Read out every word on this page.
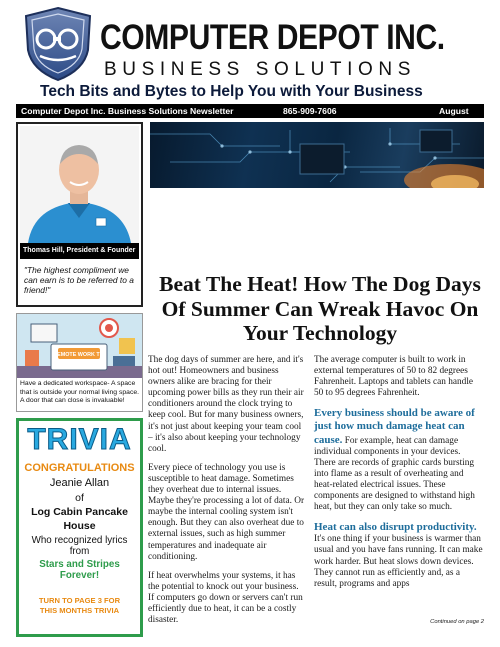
COMPUTER DEPOT INC.
BUSINESS SOLUTIONS
Tech Bits and Bytes to Help You with Your Business
Computer Depot Inc. Business Solutions Newsletter	865-909-7606	August
Thomas Hill, President & Founder
"The highest compliment we can earn is to be referred to a friend!"
REMOTE WORK TIP
Have a dedicated workspace- A space that is outside your normal living space. A door that can close is invaluable!
TRIVIA
CONGRATULATIONS
Jeanie Allan
of
Log Cabin Pancake
House
Who recognized lyrics from
Stars and Stripes
Forever!
TURN TO PAGE 3 FOR
THIS MONTHS TRIVIA
Beat The Heat! How The Dog Days Of Summer Can Wreak Havoc On Your Technology

The dog days of summer are here, and it's hot out! Homeowners and business owners alike are bracing for their upcoming power bills as they run their air conditioners around the clock trying to keep cool. But for many business owners, it's not just about keeping your team cool – it's also about keeping your technology cool.

Every piece of technology you use is susceptible to heat damage. Sometimes they overheat due to internal issues. Maybe they're processing a lot of data. Or maybe the internal cooling system isn't enough. But they can also overheat due to external issues, such as high summer temperatures and inadequate air conditioning.

If heat overwhelms your systems, it has the potential to knock out your business. If computers go down or servers can't run efficiently due to heat, it can be a costly disaster.

The average computer is built to work in external temperatures of 50 to 82 degrees Fahrenheit. Laptops and tablets can handle 50 to 95 degrees Fahrenheit.

Every business should be aware of just how much damage heat can cause. For example, heat can damage individual components in your devices. There are records of graphic cards bursting into flame as a result of overheating and heat-related electrical issues. These components are designed to withstand high heat, but they can only take so much.

Heat can also disrupt productivity. It's one thing if your business is warmer than usual and you have fans running. It can make work harder. But heat slows down devices. They cannot run as efficiently and, as a result, programs and apps

Continued on page 2
